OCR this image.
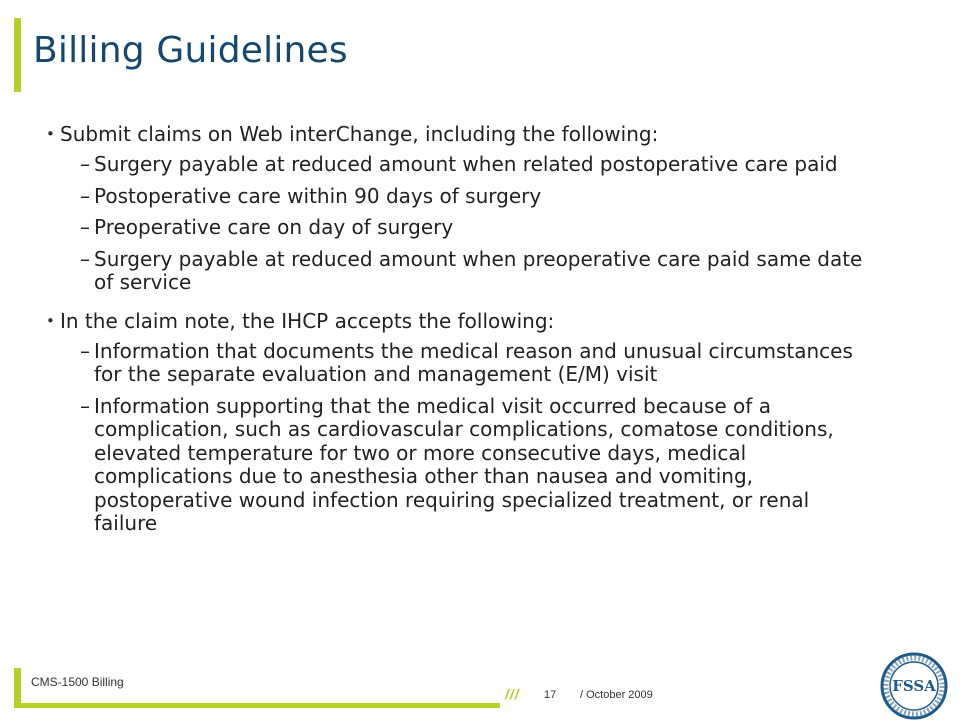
Billing Guidelines
• Submit claims on Web interChange, including the following:
– Surgery payable at reduced amount when related postoperative care paid
– Postoperative care within 90 days of surgery
– Preoperative care on day of surgery
– Surgery payable at reduced amount when preoperative care paid same date of service
• In the claim note, the IHCP accepts the following:
– Information that documents the medical reason and unusual circumstances for the separate evaluation and management (E/M) visit
– Information supporting that the medical visit occurred because of a complication, such as cardiovascular complications, comatose conditions, elevated temperature for two or more consecutive days, medical complications due to anesthesia other than nausea and vomiting, postoperative wound infection requiring specialized treatment, or renal failure
CMS-1500 Billing
/// 17 / October 2009	FSSA
